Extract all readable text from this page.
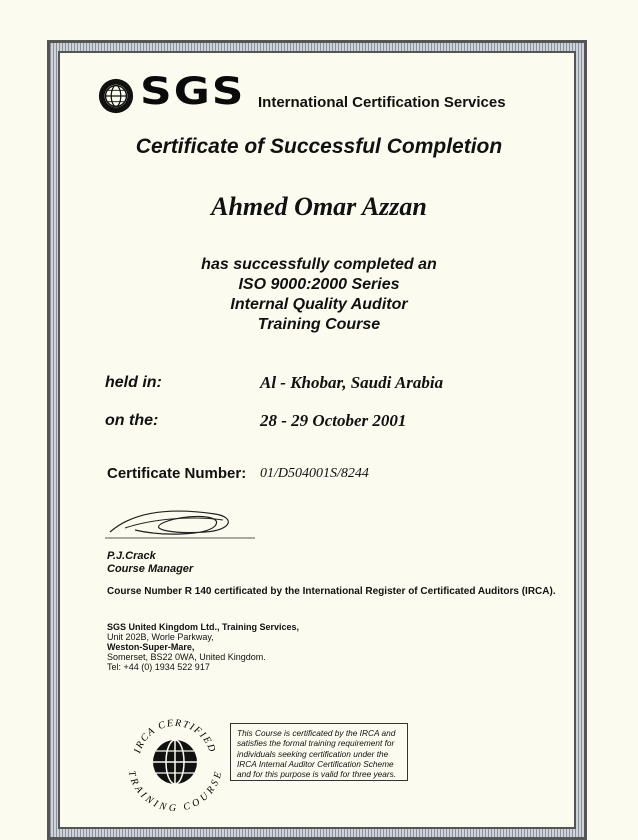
SGS International Certification Services
Certificate of Successful Completion
Ahmed Omar Azzan
has successfully completed an
ISO 9000:2000 Series
Internal Quality Auditor
Training Course
held in:	Al - Khobar, Saudi Arabia
on the:	28 - 29 October 2001
Certificate Number: 01/D504001S/8244
P.J.Crack
Course Manager
Course Number R 140 certificated by the International Register of Certificated Auditors (IRCA).
SGS United Kingdom Ltd., Training Services,
Unit 202B, Worle Parkway,
Weston-Super-Mare,
Somerset, BS22 0WA, United Kingdom.
Tel: +44 (0) 1934 522 917
IRCA CERTIFIED
TRAINING COURSE
This Course is certificated by the IRCA and
satisfies the formal training requirement for
individuals seeking certification under the
IRCA Internal Auditor Certification Scheme
and for this purpose is valid for three years.
